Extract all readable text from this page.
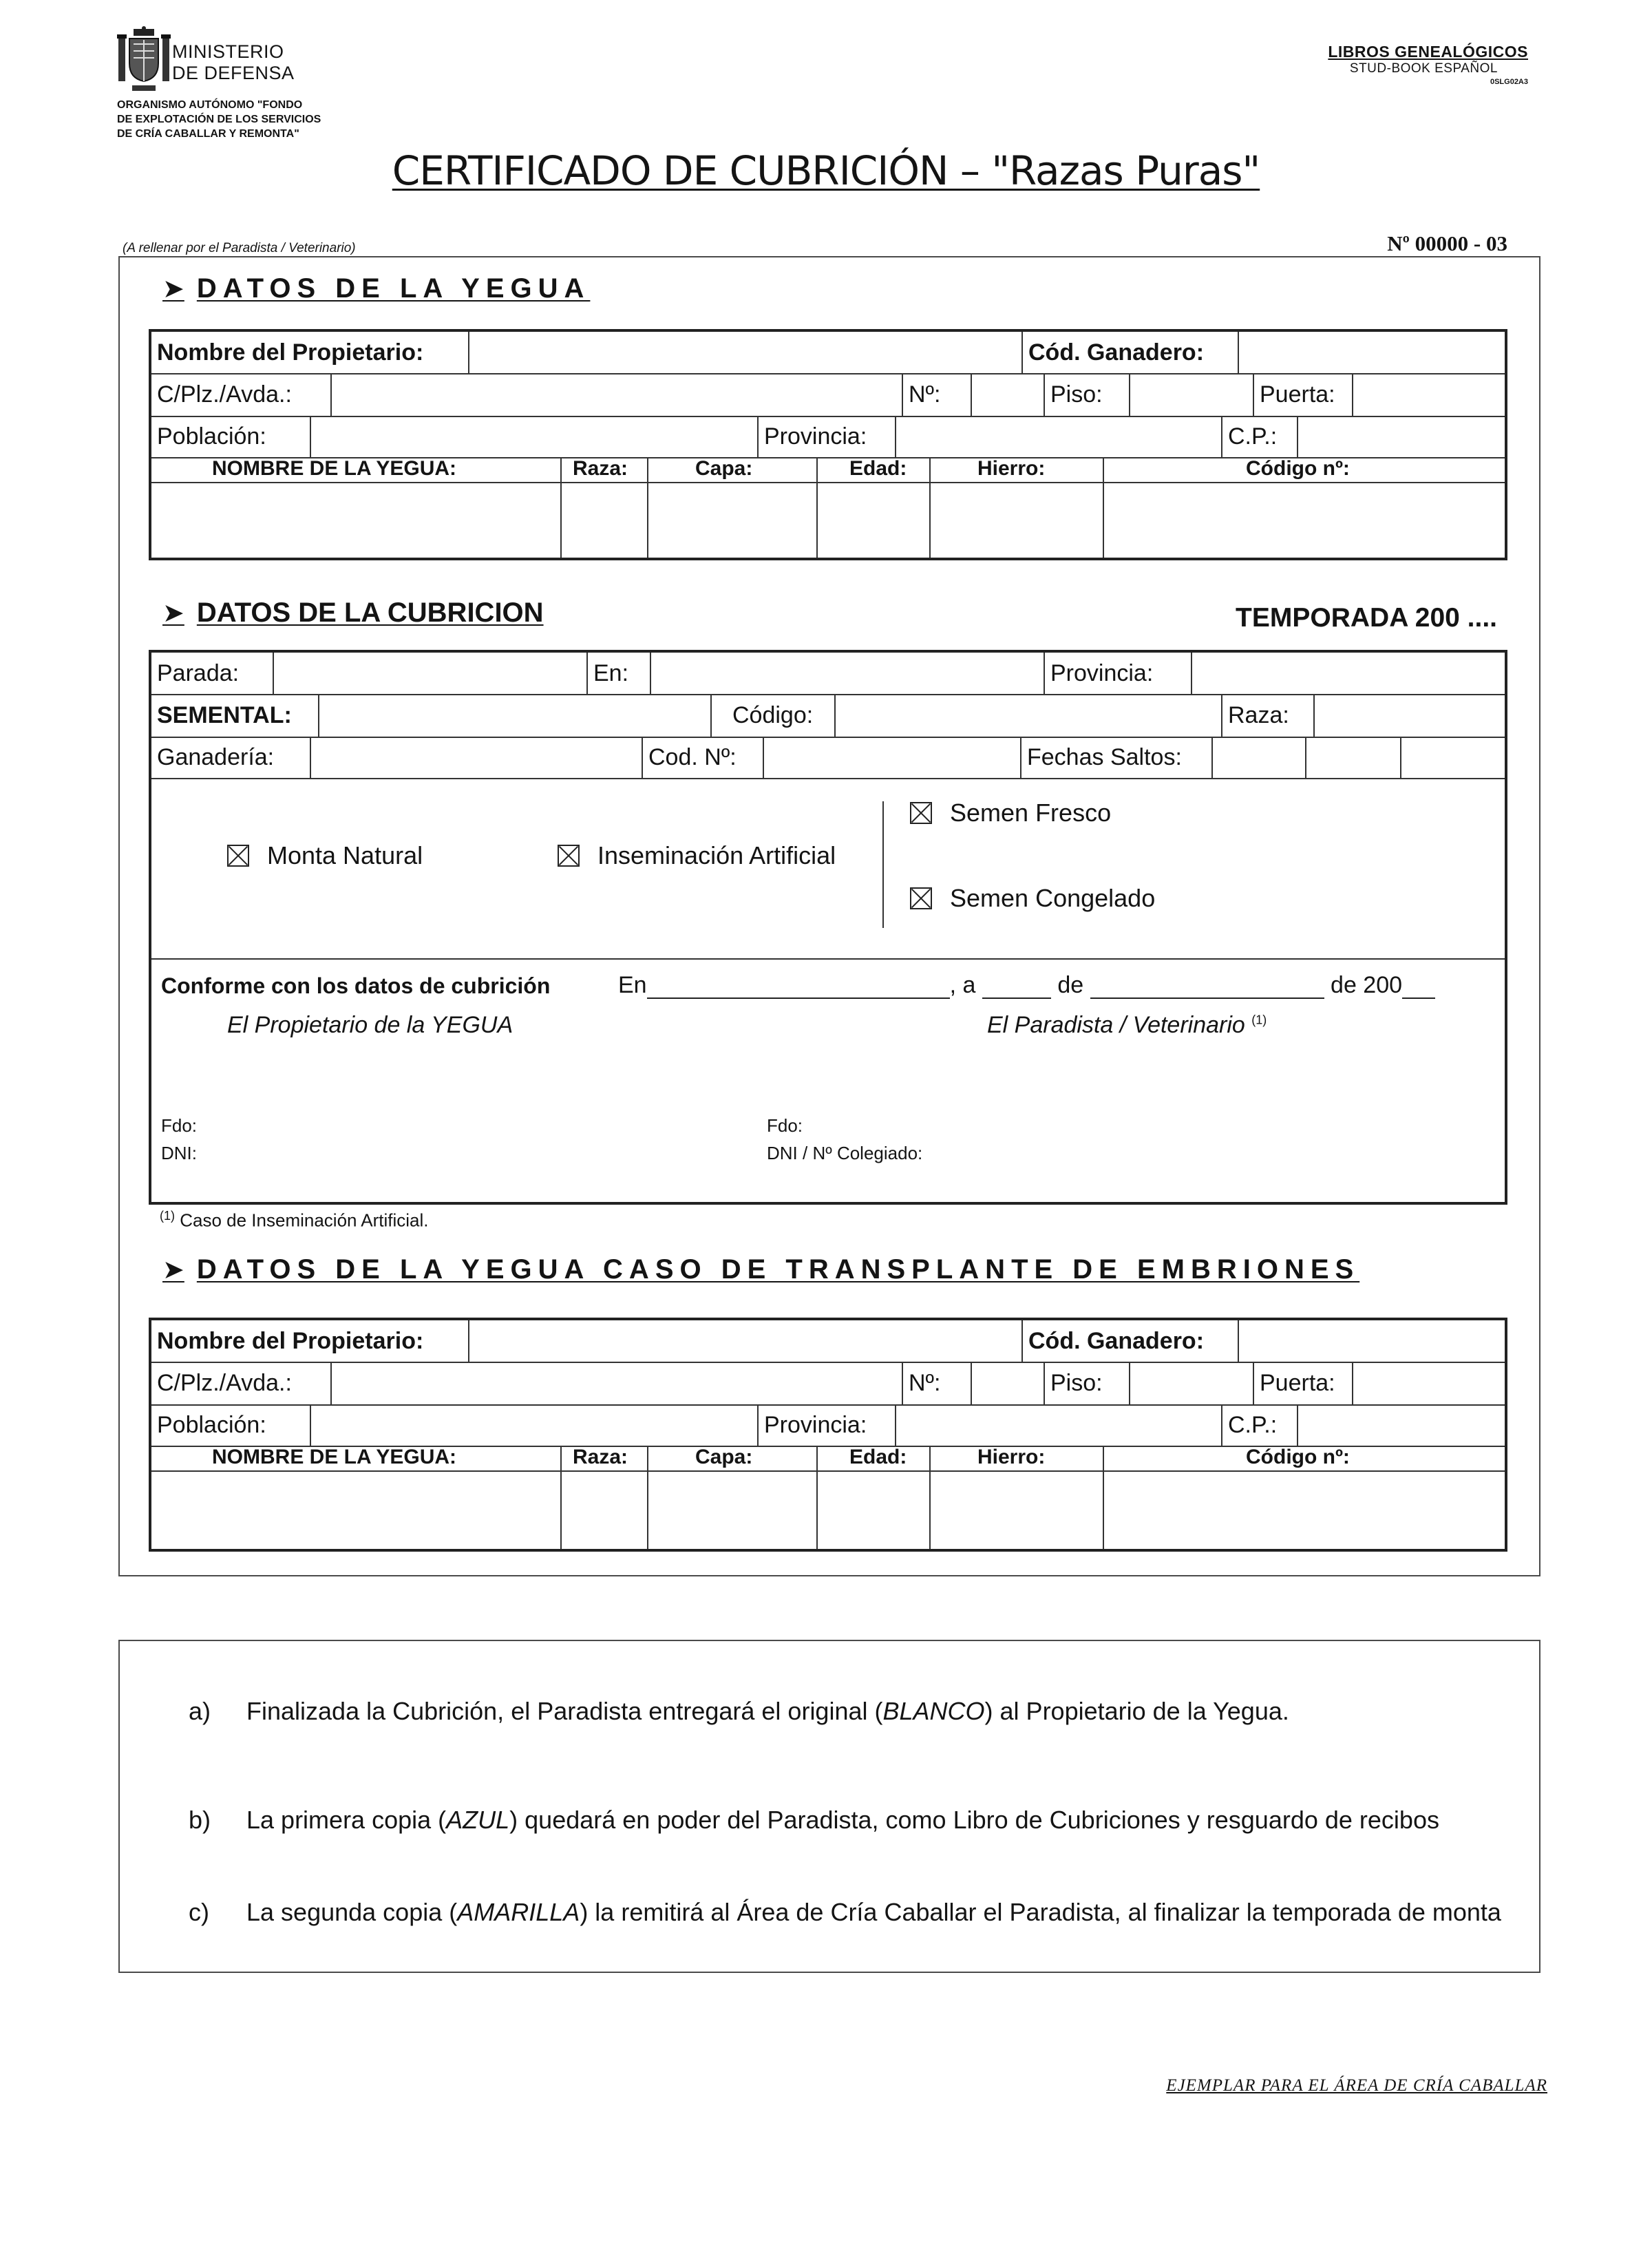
MINISTERIO
DE DEFENSA
ORGANISMO AUTÓNOMO "FONDO
DE EXPLOTACIÓN DE LOS SERVICIOS
DE CRÍA CABALLAR Y REMONTA"
LIBROS GENEALÓGICOS
STUD-BOOK ESPAÑOL
0SLG02A3
CERTIFICADO DE CUBRICIÓN – "Razas Puras"
(A rellenar por el Paradista / Veterinario)	Nº 00000 - 03
➤ DATOS DE LA YEGUA
Nombre del Propietario:	Cód. Ganadero:
C/Plz./Avda.:	Nº:	Piso:	Puerta:
Población:	Provincia:	C.P.:
NOMBRE DE LA YEGUA:	Raza:	Capa:	Edad:	Hierro:	Código nº:
➤ DATOS DE LA CUBRICION	TEMPORADA 200 ....
Parada:	En:	Provincia:
SEMENTAL:	Código:	Raza:
Ganadería:	Cod. Nº:	Fechas Saltos:
Monta Natural	Inseminación Artificial
Semen Fresco
Semen Congelado
Conforme con los datos de cubrición	En	, a	de	de 200
El Propietario de la YEGUA	El Paradista / Veterinario $^{(1)}$
Fdo:
DNI:
Fdo:
DNI / Nº Colegiado:
$^{(1)}$ Caso de Inseminación Artificial.
➤ DATOS DE LA YEGUA CASO DE TRANSPLANTE DE EMBRIONES
Nombre del Propietario:	Cód. Ganadero:
C/Plz./Avda.:	Nº:	Piso:	Puerta:
Población:	Provincia:	C.P.:
NOMBRE DE LA YEGUA:	Raza:	Capa:	Edad:	Hierro:	Código nº:
a) Finalizada la Cubrición, el Paradista entregará el original (BLANCO) al Propietario de la Yegua.
b) La primera copia (AZUL) quedará en poder del Paradista, como Libro de Cubriciones y resguardo de recibos
c) La segunda copia (AMARILLA) la remitirá al Área de Cría Caballar el Paradista, al finalizar la temporada de monta
EJEMPLAR PARA EL ÁREA DE CRÍA CABALLAR
